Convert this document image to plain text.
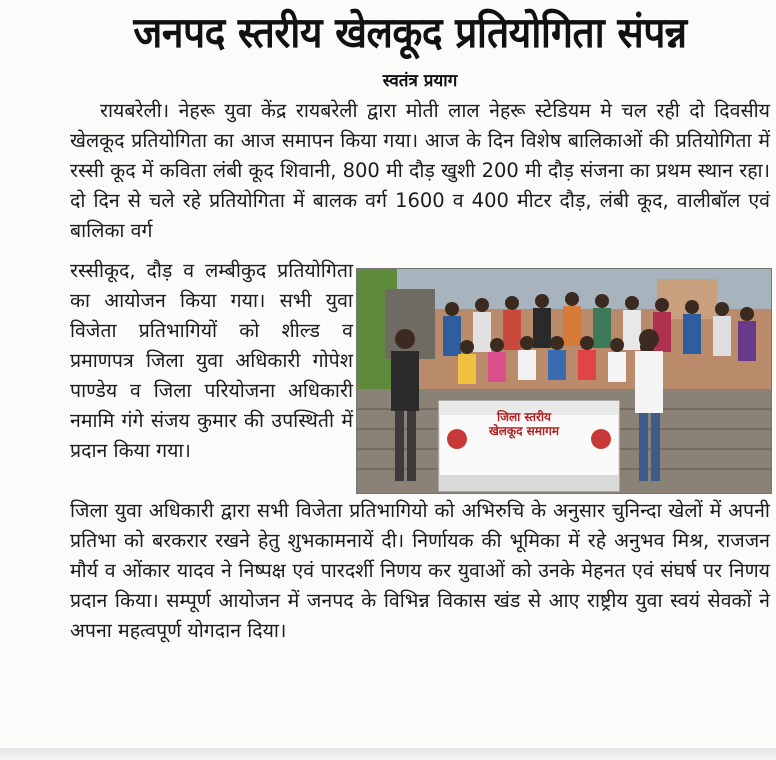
जनपद स्तरीय खेलकूद प्रतियोगिता संपन्न
स्वतंत्र प्रयाग
रायबरेली। नेहरू युवा केंद्र रायबरेली द्वारा मोती लाल नेहरू स्टेडियम मे चल रही दो दिवसीय खेलकूद प्रतियोगिता का आज समापन किया गया। आज के दिन विशेष बालिकाओं की प्रतियोगिता में रस्सी कूद में कविता लंबी कूद शिवानी, 800 मी दौड़ खुशी 200 मी दौड़ संजना का प्रथम स्थान रहा। दो दिन से चले रहे प्रतियोगिता में बालक वर्ग 1600 व 400 मीटर दौड़, लंबी कूद, वालीबॉल एवं बालिका वर्ग
रस्सीकूद, दौड़ व लम्बीकुद प्रतियोगिता का आयोजन किया गया। सभी युवा विजेता प्रतिभागियों को शील्ड व प्रमाणपत्र जिला युवा अधिकारी गोपेश पाण्डेय व जिला परियोजना अधिकारी नमामि गंगे संजय कुमार की उपस्थिती में प्रदान किया गया।
जिला स्तरीय
खेलकूद समागम
जिला युवा अधिकारी द्वारा सभी विजेता प्रतिभागियो को अभिरुचि के अनुसार चुनिन्दा खेलों में अपनी प्रतिभा को बरकरार रखने हेतु शुभकामनायें दी। निर्णायक की भूमिका में रहे अनुभव मिश्र, राजजन मौर्य व ओंकार यादव ने निष्पक्ष एवं पारदर्शी निणय कर युवाओं को उनके मेहनत एवं संघर्ष पर निणय प्रदान किया। सम्पूर्ण आयोजन में जनपद के विभिन्न विकास खंड से आए राष्ट्रीय युवा स्वयं सेवकों ने अपना महत्वपूर्ण योगदान दिया।
